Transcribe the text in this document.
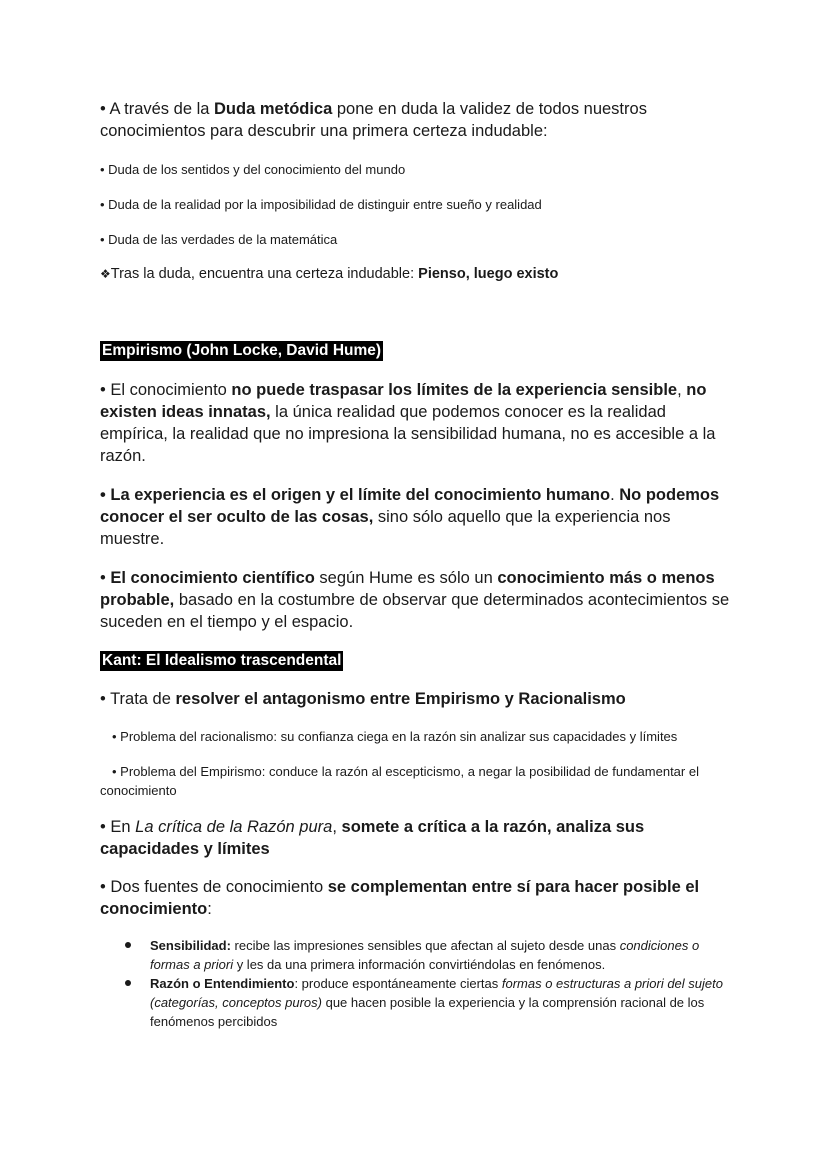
• A través de la Duda metódica pone en duda la validez de todos nuestros conocimientos para descubrir una primera certeza indudable:

• Duda de los sentidos y del conocimiento del mundo

• Duda de la realidad por la imposibilidad de distinguir entre sueño y realidad

• Duda de las verdades de la matemática

❖Tras la duda, encuentra una certeza indudable: Pienso, luego existo

Empirismo (John Locke, David Hume)

• El conocimiento no puede traspasar los límites de la experiencia sensible, no existen ideas innatas, la única realidad que podemos conocer es la realidad empírica, la realidad que no impresiona la sensibilidad humana, no es accesible a la razón.

• La experiencia es el origen y el límite del conocimiento humano. No podemos conocer el ser oculto de las cosas, sino sólo aquello que la experiencia nos muestre.

• El conocimiento científico según Hume es sólo un conocimiento más o menos probable, basado en la costumbre de observar que determinados acontecimientos se suceden en el tiempo y el espacio.

Kant: El Idealismo trascendental

• Trata de resolver el antagonismo entre Empirismo y Racionalismo

• Problema del racionalismo: su confianza ciega en la razón sin analizar sus capacidades y límites

• Problema del Empirismo: conduce la razón al escepticismo, a negar la posibilidad de fundamentar el conocimiento

• En La crítica de la Razón pura, somete a crítica a la razón, analiza sus capacidades y límites

• Dos fuentes de conocimiento se complementan entre sí para hacer posible el conocimiento:

Sensibilidad: recibe las impresiones sensibles que afectan al sujeto desde unas condiciones o formas a priori y les da una primera información convirtiéndolas en fenómenos.
Razón o Entendimiento: produce espontáneamente ciertas formas o estructuras a priori del sujeto (categorías, conceptos puros) que hacen posible la experiencia y la comprensión racional de los fenómenos percibidos
